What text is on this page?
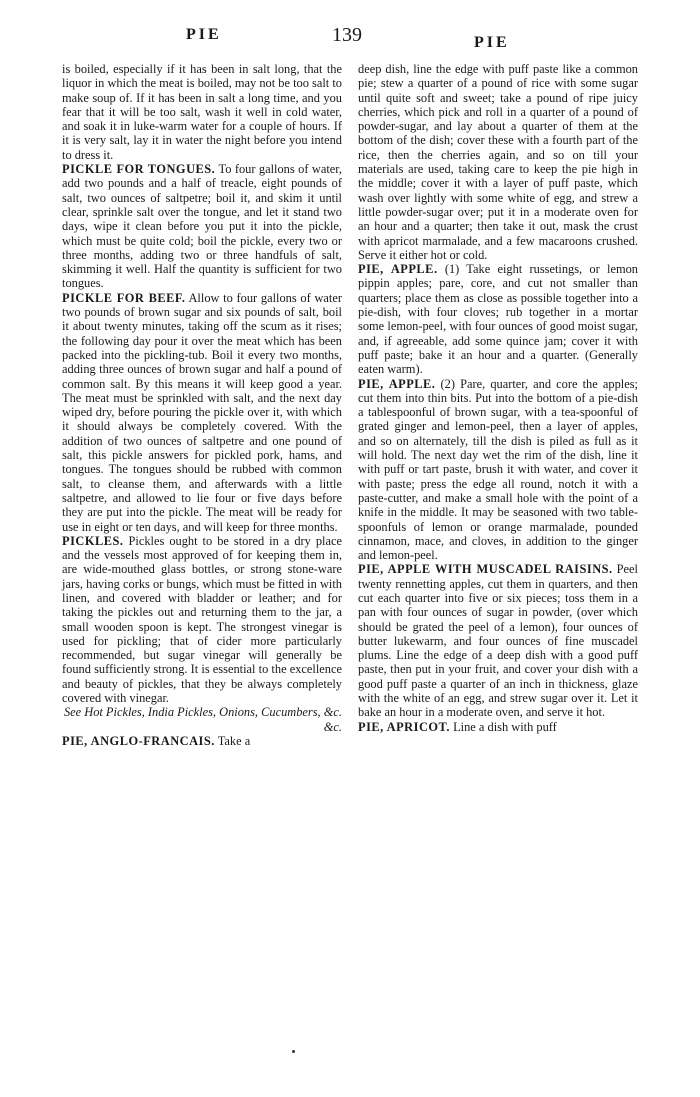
PIE	139	PIE

is boiled, especially if it has been in salt long, that the liquor in which the meat is boiled, may not be too salt to make soup of. If it has been in salt a long time, and you fear that it will be too salt, wash it well in cold water, and soak it in luke-warm water for a couple of hours. If it is very salt, lay it in water the night before you intend to dress it.

PICKLE FOR TONGUES. To four gallons of water, add two pounds and a half of treacle, eight pounds of salt, two ounces of saltpetre; boil it, and skim it until clear, sprinkle salt over the tongue, and let it stand two days, wipe it clean before you put it into the pickle, which must be quite cold; boil the pickle, every two or three months, adding two or three handfuls of salt, skimming it well. Half the quantity is sufficient for two tongues.

PICKLE FOR BEEF. Allow to four gallons of water two pounds of brown sugar and six pounds of salt, boil it about twenty minutes, taking off the scum as it rises; the following day pour it over the meat which has been packed into the pickling-tub. Boil it every two months, adding three ounces of brown sugar and half a pound of common salt. By this means it will keep good a year. The meat must be sprinkled with salt, and the next day wiped dry, before pouring the pickle over it, with which it should always be completely covered. With the addition of two ounces of saltpetre and one pound of salt, this pickle answers for pickled pork, hams, and tongues. The tongues should be rubbed with common salt, to cleanse them, and afterwards with a little saltpetre, and allowed to lie four or five days before they are put into the pickle. The meat will be ready for use in eight or ten days, and will keep for three months.

PICKLES. Pickles ought to be stored in a dry place and the vessels most approved of for keeping them in, are wide-mouthed glass bottles, or strong stone-ware jars, having corks or bungs, which must be fitted in with linen, and covered with bladder or leather; and for taking the pickles out and returning them to the jar, a small wooden spoon is kept. The strongest vinegar is used for pickling; that of cider more particularly recommended, but sugar vinegar will generally be found sufficiently strong. It is essential to the excellence and beauty of pickles, that they be always completely covered with vinegar.

See Hot Pickles, India Pickles, Onions, Cucumbers, &c. &c.

PIE, ANGLO-FRANCAIS. Take a

deep dish, line the edge with puff paste like a common pie; stew a quarter of a pound of rice with some sugar until quite soft and sweet; take a pound of ripe juicy cherries, which pick and roll in a quarter of a pound of powder-sugar, and lay about a quarter of them at the bottom of the dish; cover these with a fourth part of the rice, then the cherries again, and so on till your materials are used, taking care to keep the pie high in the middle; cover it with a layer of puff paste, which wash over lightly with some white of egg, and strew a little powder-sugar over; put it in a moderate oven for an hour and a quarter; then take it out, mask the crust with apricot marmalade, and a few macaroons crushed. Serve it either hot or cold.

PIE, APPLE. (1) Take eight russetings, or lemon pippin apples; pare, core, and cut not smaller than quarters; place them as close as possible together into a pie-dish, with four cloves; rub together in a mortar some lemon-peel, with four ounces of good moist sugar, and, if agreeable, add some quince jam; cover it with puff paste; bake it an hour and a quarter. (Generally eaten warm).

PIE, APPLE. (2) Pare, quarter, and core the apples; cut them into thin bits. Put into the bottom of a pie-dish a tablespoonful of brown sugar, with a tea-spoonful of grated ginger and lemon-peel, then a layer of apples, and so on alternately, till the dish is piled as full as it will hold. The next day wet the rim of the dish, line it with puff or tart paste, brush it with water, and cover it with paste; press the edge all round, notch it with a paste-cutter, and make a small hole with the point of a knife in the middle. It may be seasoned with two table-spoonfuls of lemon or orange marmalade, pounded cinnamon, mace, and cloves, in addition to the ginger and lemon-peel.

PIE, APPLE WITH MUSCADEL RAISINS. Peel twenty rennetting apples, cut them in quarters, and then cut each quarter into five or six pieces; toss them in a pan with four ounces of sugar in powder, (over which should be grated the peel of a lemon), four ounces of butter lukewarm, and four ounces of fine muscadel plums. Line the edge of a deep dish with a good puff paste, then put in your fruit, and cover your dish with a good puff paste a quarter of an inch in thickness, glaze with the white of an egg, and strew sugar over it. Let it bake an hour in a moderate oven, and serve it hot.

PIE, APRICOT. Line a dish with puff
